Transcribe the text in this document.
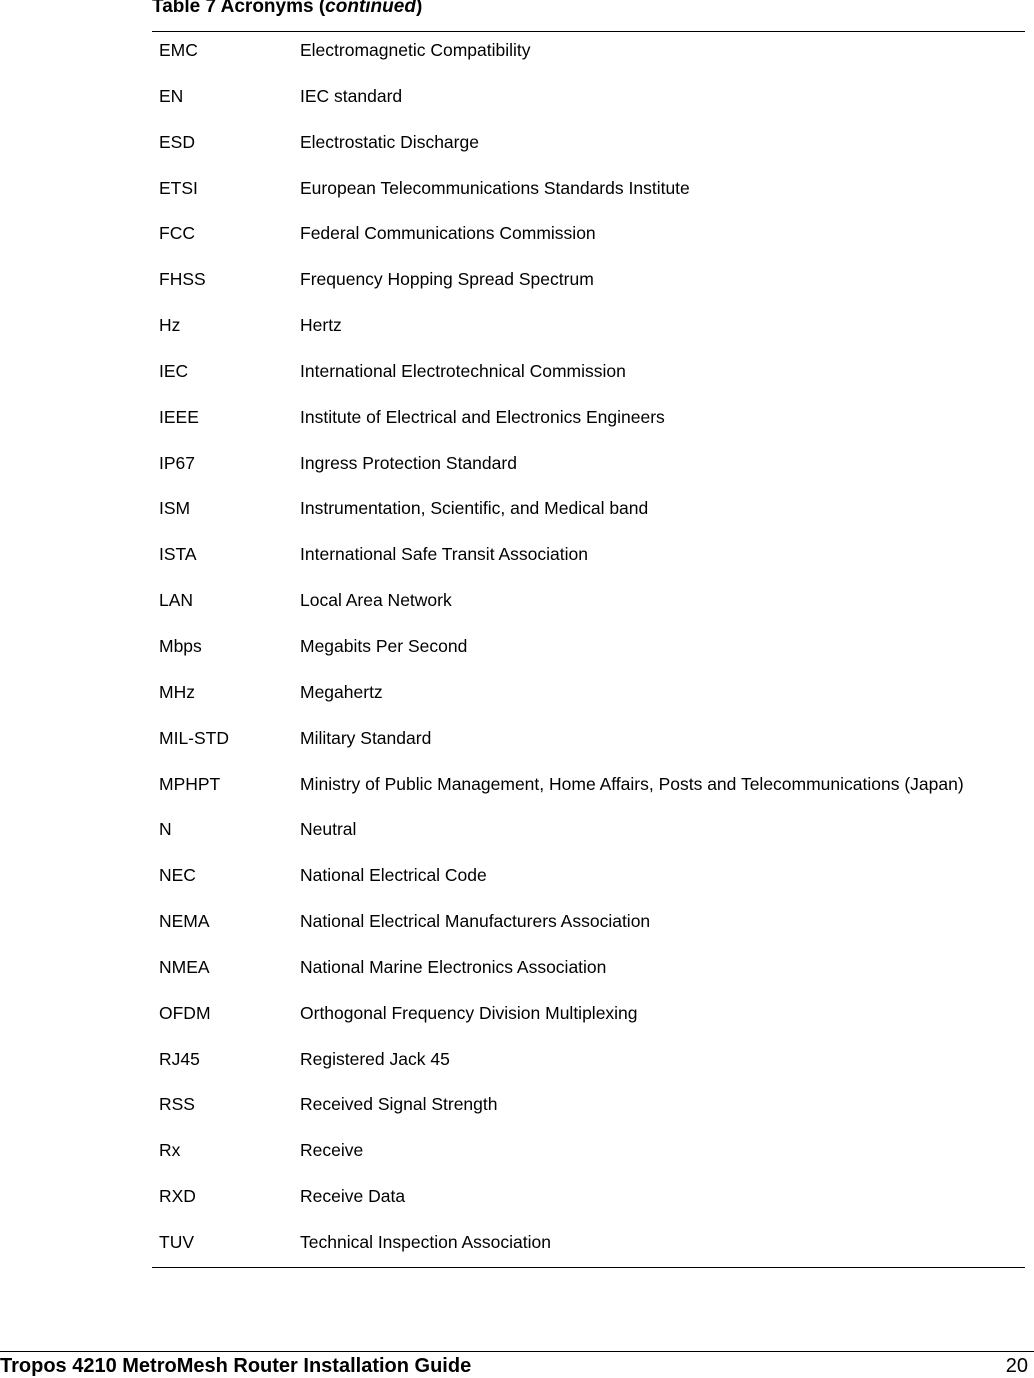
Table 7 Acronyms (continued)
EMC	Electromagnetic Compatibility
EN	IEC standard
ESD	Electrostatic Discharge
ETSI	European Telecommunications Standards Institute
FCC	Federal Communications Commission
FHSS	Frequency Hopping Spread Spectrum
Hz	Hertz
IEC	International Electrotechnical Commission
IEEE	Institute of Electrical and Electronics Engineers
IP67	Ingress Protection Standard
ISM	Instrumentation, Scientific, and Medical band
ISTA	International Safe Transit Association
LAN	Local Area Network
Mbps	Megabits Per Second
MHz	Megahertz
MIL-STD	Military Standard
MPHPT	Ministry of Public Management, Home Affairs, Posts and Telecommunications (Japan)
N	Neutral
NEC	National Electrical Code
NEMA	National Electrical Manufacturers Association
NMEA	National Marine Electronics Association
OFDM	Orthogonal Frequency Division Multiplexing
RJ45	Registered Jack 45
RSS	Received Signal Strength
Rx	Receive
RXD	Receive Data
TUV	Technical Inspection Association
Tropos 4210 MetroMesh Router Installation Guide	20
